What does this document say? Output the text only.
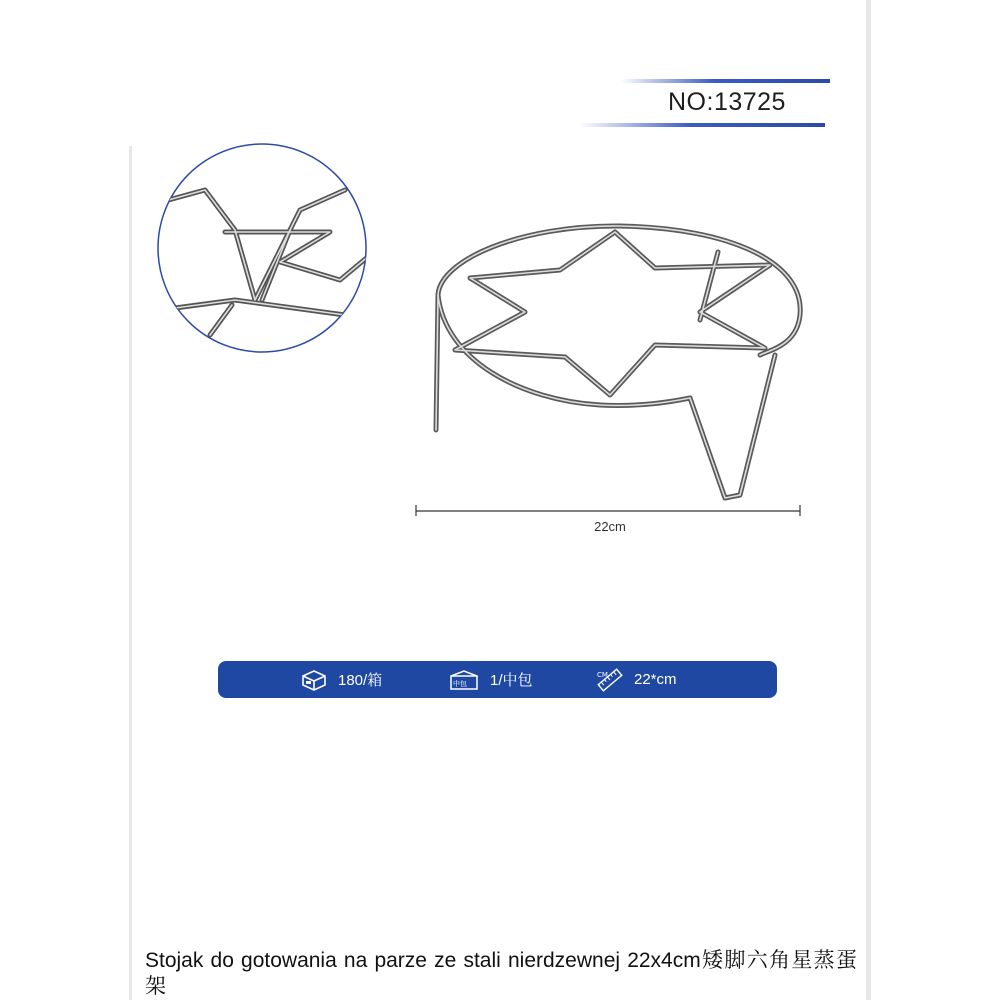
NO:13725
22cm
180/箱	中包 1/中包	CM 22*cm
Stojak do gotowania na parze ze stali nierdzewnej 22x4cm矮脚六角星蒸蛋架
